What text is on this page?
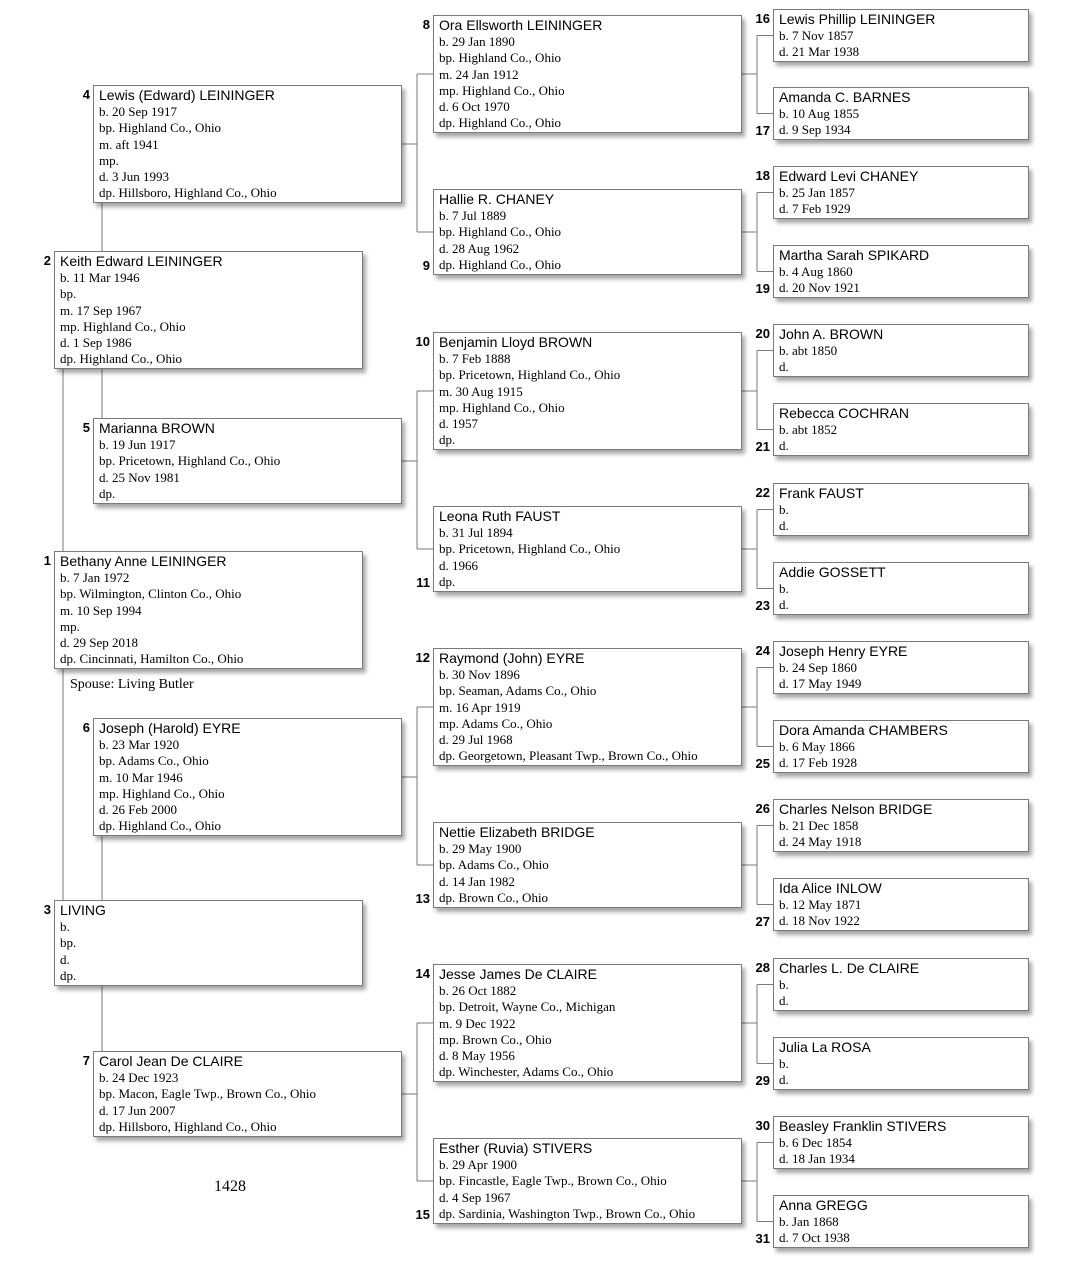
Bethany Anne LEININGER
b. 7 Jan 1972
bp. Wilmington, Clinton Co., Ohio
m. 10 Sep 1994
mp.
d. 29 Sep 2018
dp. Cincinnati, Hamilton Co., Ohio
1
Keith Edward LEININGER
b. 11 Mar 1946
bp.
m. 17 Sep 1967
mp. Highland Co., Ohio
d. 1 Sep 1986
dp. Highland Co., Ohio
2
LIVING
b.
bp.
d.
dp.
3
Lewis (Edward) LEININGER
b. 20 Sep 1917
bp. Highland Co., Ohio
m. aft 1941
mp.
d. 3 Jun 1993
dp. Hillsboro, Highland Co., Ohio
4
Marianna BROWN
b. 19 Jun 1917
bp. Pricetown, Highland Co., Ohio
d. 25 Nov 1981
dp.
5
Joseph (Harold) EYRE
b. 23 Mar 1920
bp. Adams Co., Ohio
m. 10 Mar 1946
mp. Highland Co., Ohio
d. 26 Feb 2000
dp. Highland Co., Ohio
6
Carol Jean De CLAIRE
b. 24 Dec 1923
bp. Macon, Eagle Twp., Brown Co., Ohio
d. 17 Jun 2007
dp. Hillsboro, Highland Co., Ohio
7
Ora Ellsworth LEININGER
b. 29 Jan 1890
bp. Highland Co., Ohio
m. 24 Jan 1912
mp. Highland Co., Ohio
d. 6 Oct 1970
dp. Highland Co., Ohio
8
Hallie R. CHANEY
b. 7 Jul 1889
bp. Highland Co., Ohio
d. 28 Aug 1962
dp. Highland Co., Ohio
9
Benjamin Lloyd BROWN
b. 7 Feb 1888
bp. Pricetown, Highland Co., Ohio
m. 30 Aug 1915
mp. Highland Co., Ohio
d. 1957
dp.
10
Leona Ruth FAUST
b. 31 Jul 1894
bp. Pricetown, Highland Co., Ohio
d. 1966
dp.
11
Raymond (John) EYRE
b. 30 Nov 1896
bp. Seaman, Adams Co., Ohio
m. 16 Apr 1919
mp. Adams Co., Ohio
d. 29 Jul 1968
dp. Georgetown, Pleasant Twp., Brown Co., Ohio
12
Nettie Elizabeth BRIDGE
b. 29 May 1900
bp. Adams Co., Ohio
d. 14 Jan 1982
dp. Brown Co., Ohio
13
Jesse James De CLAIRE
b. 26 Oct 1882
bp. Detroit, Wayne Co., Michigan
m. 9 Dec 1922
mp. Brown Co., Ohio
d. 8 May 1956
dp. Winchester, Adams Co., Ohio
14
Esther (Ruvia) STIVERS
b. 29 Apr 1900
bp. Fincastle, Eagle Twp., Brown Co., Ohio
d. 4 Sep 1967
dp. Sardinia, Washington Twp., Brown Co., Ohio
15
Lewis Phillip LEININGER
b. 7 Nov 1857
d. 21 Mar 1938
16
Amanda C. BARNES
b. 10 Aug 1855
d. 9 Sep 1934
17
Edward Levi CHANEY
b. 25 Jan 1857
d. 7 Feb 1929
18
Martha Sarah SPIKARD
b. 4 Aug 1860
d. 20 Nov 1921
19
John A. BROWN
b. abt 1850
d.
20
Rebecca COCHRAN
b. abt 1852
d.
21
Frank FAUST
b.
d.
22
Addie GOSSETT
b.
d.
23
Joseph Henry EYRE
b. 24 Sep 1860
d. 17 May 1949
24
Dora Amanda CHAMBERS
b. 6 May 1866
d. 17 Feb 1928
25
Charles Nelson BRIDGE
b. 21 Dec 1858
d. 24 May 1918
26
Ida Alice INLOW
b. 12 May 1871
d. 18 Nov 1922
27
Charles L. De CLAIRE
b.
d.
28
Julia La ROSA
b.
d.
29
Beasley Franklin STIVERS
b. 6 Dec 1854
d. 18 Jan 1934
30
Anna GREGG
b. Jan 1868
d. 7 Oct 1938
31
Spouse: Living Butler
1428
